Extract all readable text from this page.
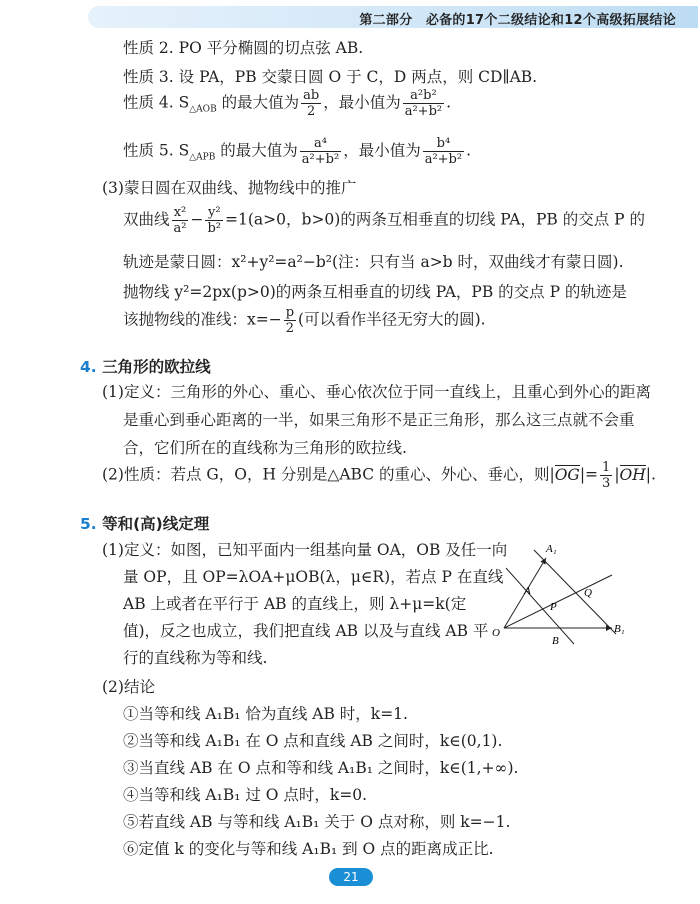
第二部分　必备的17个二级结论和12个高级拓展结论
性质 2. PO 平分椭圆的切点弦 AB.
性质 3. 设 PA，PB 交蒙日圆 O 于 C，D 两点，则 CD∥AB.
性质 4. $S_{\triangle AOB}$ 的最大值为 $\frac{ab}{2}$ ，最小值为 $\frac{\text{a²b²}}{\text{a²+b²}}$ .
性质 5. $S_{\triangle APB}$ 的最大值为 $\frac{\text{a⁴}}{\text{a²+b²}}$ ，最小值为 $\frac{\text{b⁴}}{\text{a²+b²}}$ .
(3)蒙日圆在双曲线、抛物线中的推广
双曲线 $\frac{\text{x²}}{\text{a²}} - \frac{\text{y²}}{\text{b²}} =1(a>0$，b>0)的两条互相垂直的切线 PA，PB 的交点 P 的
轨迹是蒙日圆：x²+y²=a²−b²(注：只有当 a>b 时，双曲线才有蒙日圆).
抛物线 y²=2px(p>0)的两条互相垂直的切线 PA，PB 的交点 P 的轨迹是
该抛物线的准线：$x=- \frac{p}{2}$ (可以看作半径无穷大的圆).
4. 三角形的欧拉线
(1)定义：三角形的外心、重心、垂心依次位于同一直线上，且重心到外心的距离
是重心到垂心距离的一半，如果三角形不是正三角形，那么这三点就不会重
合，它们所在的直线称为三角形的欧拉线.
(2)性质：若点 G，O，H 分别是△ABC 的重心、外心、垂心，则$|OG|= \frac{1}{3} |OH|$.
5. 等和(高)线定理
(1)定义：如图，已知平面内一组基向量 OA，OB 及任一向
量 OP，且 OP=λOA+μOB(λ，μ∈R)，若点 P 在直线
AB 上或者在平行于 AB 的直线上，则 λ+μ=k(定
值)，反之也成立，我们把直线 AB 以及与直线 AB 平
行的直线称为等和线.
O
A
A₁
B
B₁
P
Q
(2)结论
①当等和线 A₁B₁ 恰为直线 AB 时，k=1.
②当等和线 A₁B₁ 在 O 点和直线 AB 之间时，k∈(0,1).
③当直线 AB 在 O 点和等和线 A₁B₁ 之间时，k∈(1,+∞).
④当等和线 A₁B₁ 过 O 点时，k=0.
⑤若直线 AB 与等和线 A₁B₁ 关于 O 点对称，则 k=−1.
⑥定值 k 的变化与等和线 A₁B₁ 到 O 点的距离成正比.
21
